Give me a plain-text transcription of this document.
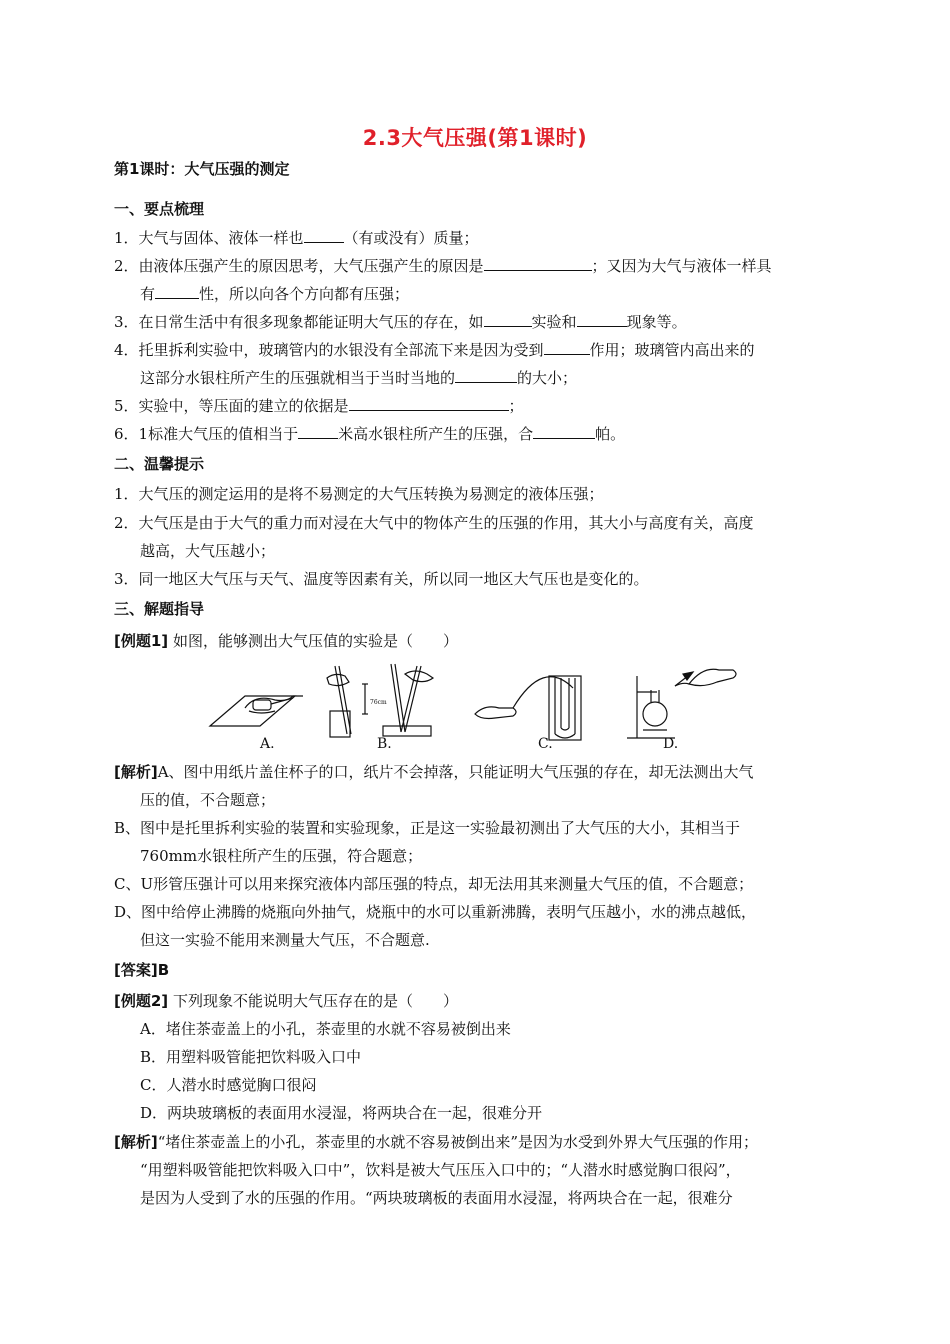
2.3大气压强(第1课时)
第1课时：大气压强的测定
一、要点梳理
1．大气与固体、液体一样也	（有或没有）质量；
2．由液体压强产生的原因思考，大气压强产生的原因是	；又因为大气与液体一样具
有	性，所以向各个方向都有压强；
3．在日常生活中有很多现象都能证明大气压的存在，如	实验和	现象等。
4．托里拆利实验中，玻璃管内的水银没有全部流下来是因为受到	作用；玻璃管内高出来的
这部分水银柱所产生的压强就相当于当时当地的	的大小；
5．实验中，等压面的建立的依据是	；
6．1标准大气压的值相当于	米高水银柱所产生的压强，合	帕。
二、温馨提示
1．大气压的测定运用的是将不易测定的大气压转换为易测定的液体压强；
2．大气压是由于大气的重力而对浸在大气中的物体产生的压强的作用，其大小与高度有关，高度
越高，大气压越小；
3．同一地区大气压与天气、温度等因素有关，所以同一地区大气压也是变化的。
三、解题指导
[例题1] 如图，能够测出大气压值的实验是（　　）
76cm
A.	B.	C.	D.
[解析]A、图中用纸片盖住杯子的口，纸片不会掉落，只能证明大气压强的存在，却无法测出大气
压的值，不合题意；
B、图中是托里拆利实验的装置和实验现象，正是这一实验最初测出了大气压的大小，其相当于
760mm水银柱所产生的压强，符合题意；
C、U形管压强计可以用来探究液体内部压强的特点，却无法用其来测量大气压的值，不合题意；
D、图中给停止沸腾的烧瓶向外抽气，烧瓶中的水可以重新沸腾，表明气压越小，水的沸点越低，
但这一实验不能用来测量大气压，不合题意.
[答案]B
[例题2] 下列现象不能说明大气压存在的是（　　）
A．堵住茶壶盖上的小孔，茶壶里的水就不容易被倒出来
B．用塑料吸管能把饮料吸入口中
C．人潜水时感觉胸口很闷
D．两块玻璃板的表面用水浸湿，将两块合在一起，很难分开
[解析]“堵住茶壶盖上的小孔，茶壶里的水就不容易被倒出来”是因为水受到外界大气压强的作用；
“用塑料吸管能把饮料吸入口中”，饮料是被大气压压入口中的；“人潜水时感觉胸口很闷”，
是因为人受到了水的压强的作用。“两块玻璃板的表面用水浸湿，将两块合在一起，很难分
